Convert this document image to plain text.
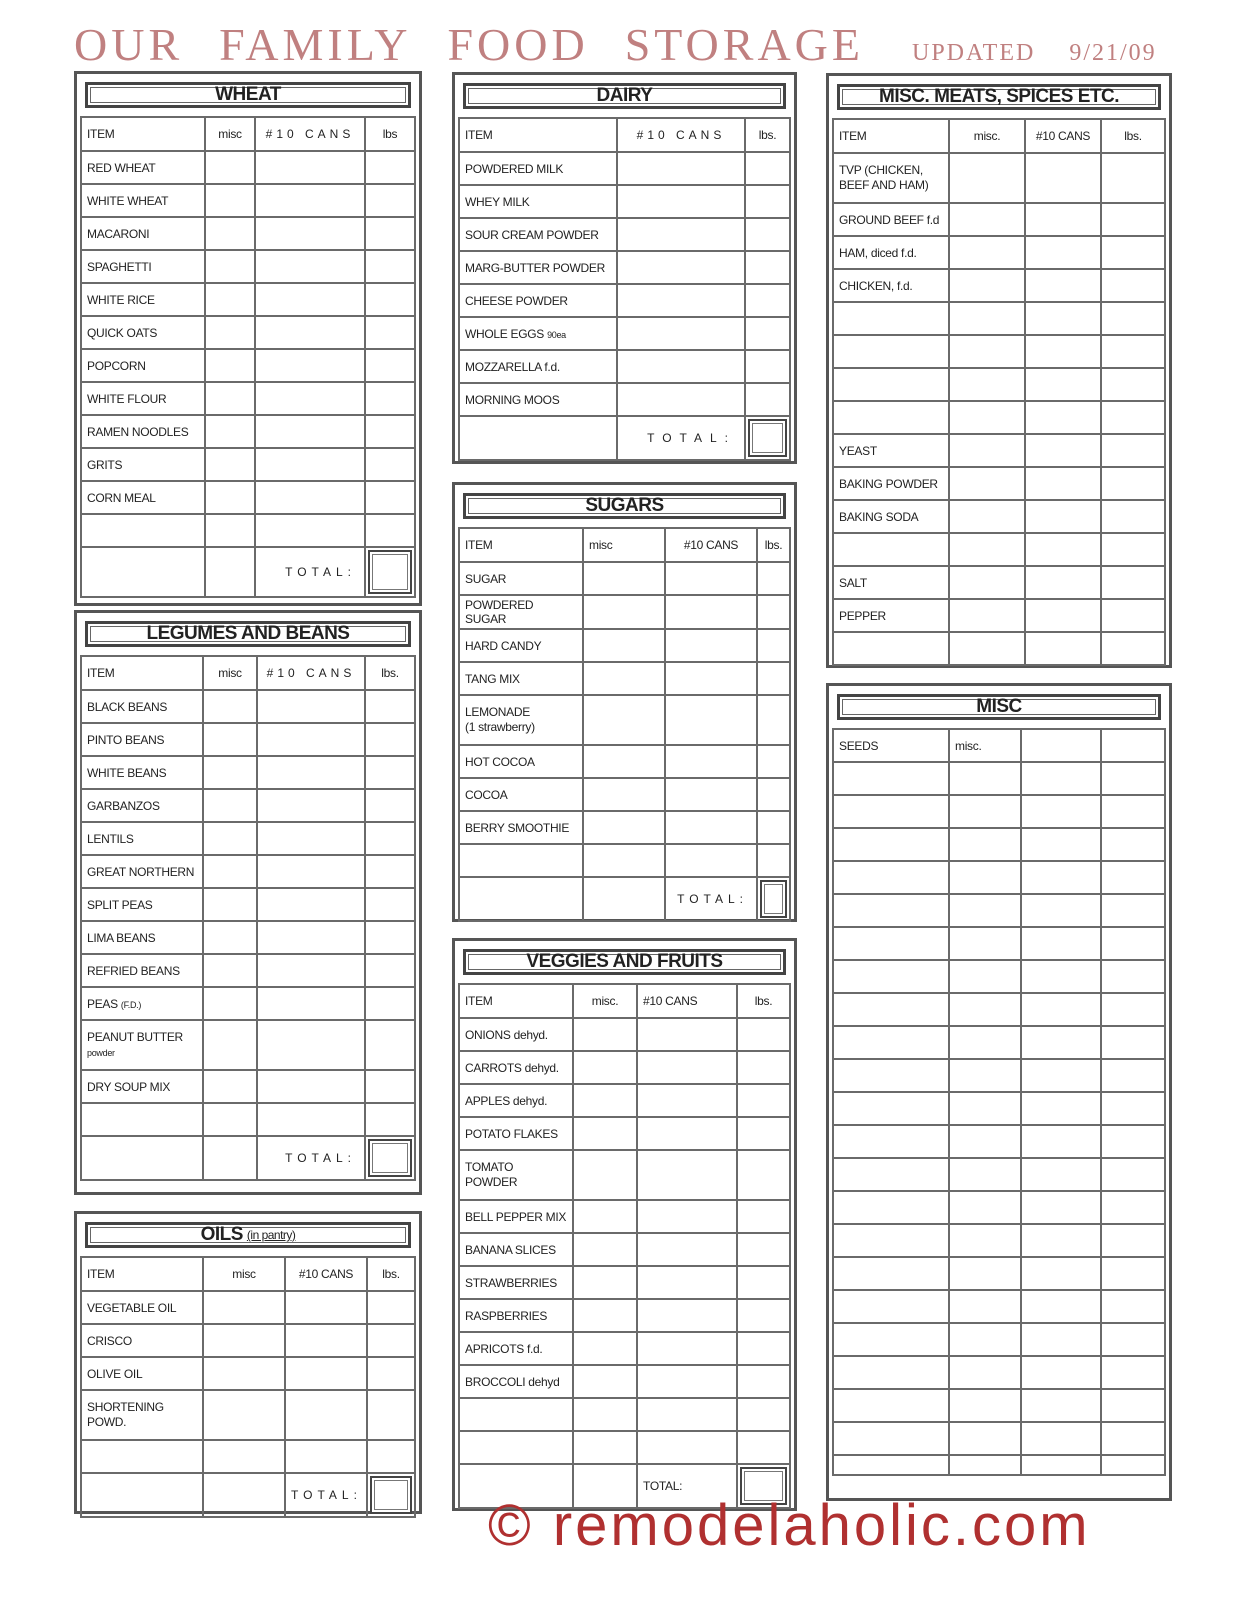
OUR FAMILY FOOD STORAGE UPDATED 9/21/09
WHEAT
ITEM	misc	#10 CANS	lbs
RED WHEAT			
WHITE WHEAT			
MACARONI			
SPAGHETTI			
WHITE RICE			
QUICK OATS			
POPCORN			
WHITE FLOUR			
RAMEN NOODLES			
GRITS			
CORN MEAL			

		TOTAL:	
LEGUMES AND BEANS
ITEM	misc	#10 CANS	lbs.
BLACK BEANS			
PINTO BEANS			
WHITE BEANS			
GARBANZOS			
LENTILS			
GREAT NORTHERN			
SPLIT PEAS			
LIMA BEANS			
REFRIED BEANS			
PEAS (F.D.)			
PEANUT BUTTER
powder			
DRY SOUP MIX			

		TOTAL:	
OILS (in pantry)
ITEM	misc	#10 CANS	lbs.
VEGETABLE OIL			
CRISCO			
OLIVE OIL			
SHORTENING
POWD.			

		TOTAL:	
DAIRY
ITEM	#10 CANS	lbs.
POWDERED MILK		
WHEY MILK		
SOUR CREAM POWDER		
MARG-BUTTER POWDER		
CHEESE POWDER		
WHOLE EGGS 90ea		
MOZZARELLA f.d.		
MORNING MOOS		
	TOTAL:	
SUGARS
ITEM	misc	#10 CANS	lbs.
SUGAR			
POWDERED SUGAR			
HARD CANDY			
TANG MIX			
LEMONADE
(1 strawberry)			
HOT COCOA			
COCOA			
BERRY SMOOTHIE			

		TOTAL:	
VEGGIES AND FRUITS
ITEM	misc.	#10 CANS	lbs.
ONIONS dehyd.			
CARROTS dehyd.			
APPLES dehyd.			
POTATO FLAKES			
TOMATO
POWDER			
BELL PEPPER MIX			
BANANA SLICES			
STRAWBERRIES			
RASPBERRIES			
APRICOTS f.d.			
BROCCOLI dehyd			

		TOTAL:	
MISC. MEATS, SPICES ETC.
ITEM	misc.	#10 CANS	lbs.
TVP (CHICKEN,
BEEF AND HAM)			
GROUND BEEF f.d			
HAM, diced f.d.			
CHICKEN, f.d.			

YEAST			
BAKING POWDER			
BAKING SODA			

SALT			
PEPPER			

MISC
SEEDS	misc.		

© remodelaholic.com
